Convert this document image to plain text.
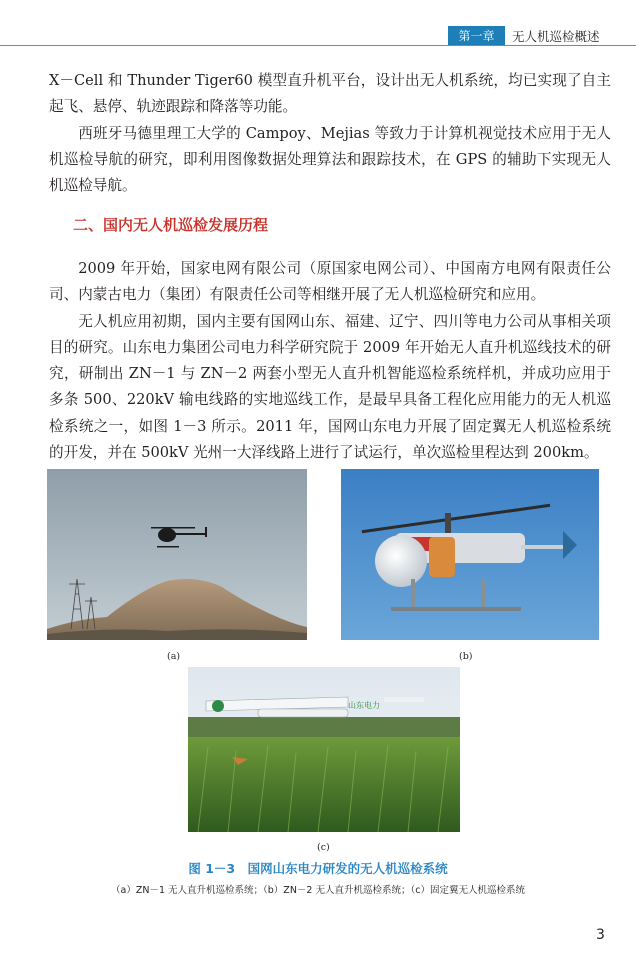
第一章	无人机巡检概述

X－Cell 和 Thunder Tiger60 模型直升机平台，设计出无人机系统，均已实现了自主起飞、悬停、轨迹跟踪和降落等功能。

西班牙马德里理工大学的 Campoy、Mejias 等致力于计算机视觉技术应用于无人机巡检导航的研究，即利用图像数据处理算法和跟踪技术，在 GPS 的辅助下实现无人机巡检导航。

二、国内无人机巡检发展历程

2009 年开始，国家电网有限公司（原国家电网公司）、中国南方电网有限责任公司、内蒙古电力（集团）有限责任公司等相继开展了无人机巡检研究和应用。

无人机应用初期，国内主要有国网山东、福建、辽宁、四川等电力公司从事相关项目的研究。山东电力集团公司电力科学研究院于 2009 年开始无人直升机巡线技术的研究，研制出 ZN－1 与 ZN－2 两套小型无人直升机智能巡检系统样机，并成功应用于多条 500、220kV 输电线路的实地巡线工作，是最早具备工程化应用能力的无人机巡检系统之一，如图 1－3 所示。2011 年，国网山东电力开展了固定翼无人机巡检系统的开发，并在 500kV 光州一大泽线路上进行了试运行，单次巡检里程达到 200km。

(a)	(b)
山东电力
(c)
图 1－3　国网山东电力研发的无人机巡检系统
（a）ZN－1 无人直升机巡检系统；（b）ZN－2 无人直升机巡检系统；（c）固定翼无人机巡检系统
3
